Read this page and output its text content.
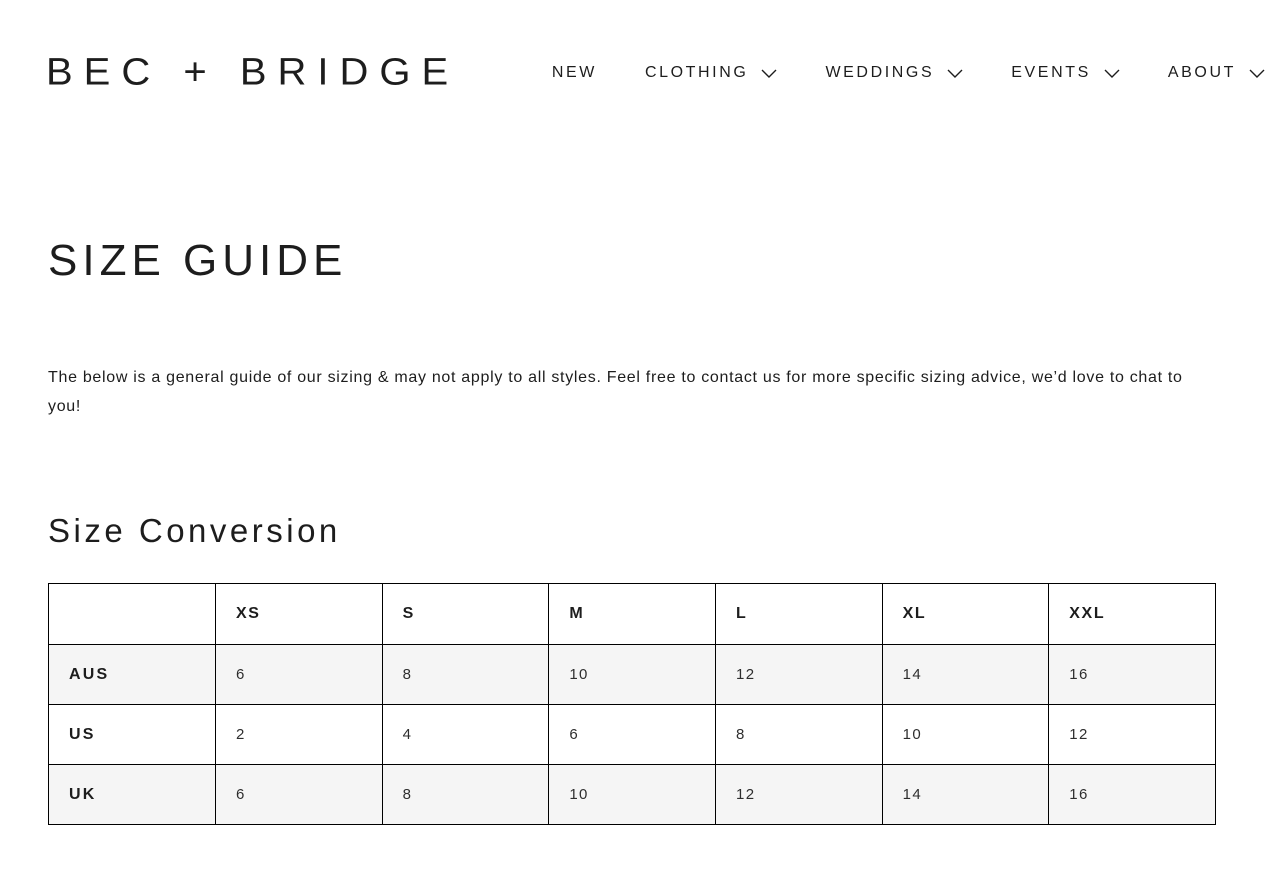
BEC + BRIDGE	NEW	CLOTHING	WEDDINGS	EVENTS	ABOUT
SIZE GUIDE

The below is a general guide of our sizing & may not apply to all styles. Feel free to contact us for more specific sizing advice, we’d love to chat to you!

Size Conversion
	XS	S	M	L	XL	XXL
AUS	6	8	10	12	14	16
US	2	4	6	8	10	12
UK	6	8	10	12	14	16
